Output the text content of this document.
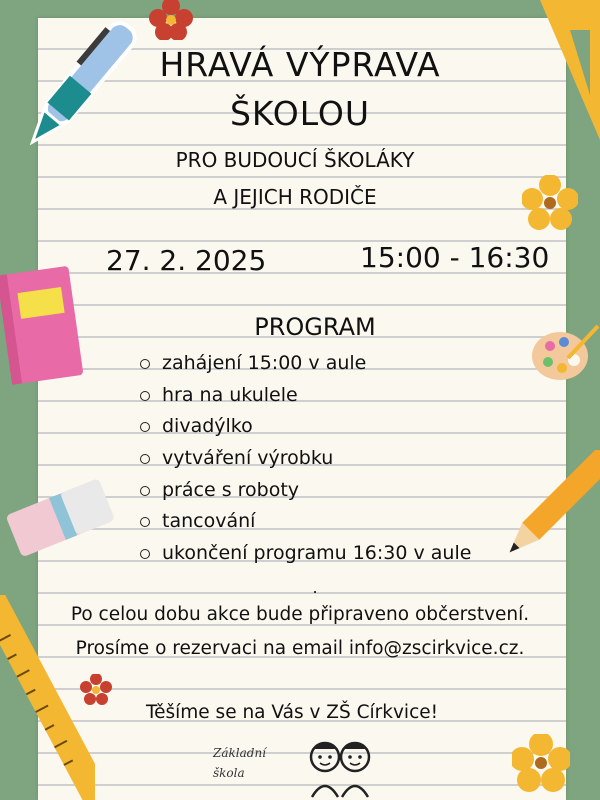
HRAVÁ VÝPRAVA
ŠKOLOU
PRO BUDOUCÍ ŠKOLÁKY
A JEJICH RODIČE
27. 2. 2025	15:00 - 16:30
PROGRAM
zahájení 15:00 v aule
hra na ukulele
divadýlko
vytváření výrobku
práce s roboty
tancování
ukončení programu 16:30 v aule
.
Po celou dobu akce bude připraveno občerstvení.
Prosíme o rezervaci na email info@zscirkvice.cz.
Těšíme se na Vás v ZŠ Církvice!
Základní škola
